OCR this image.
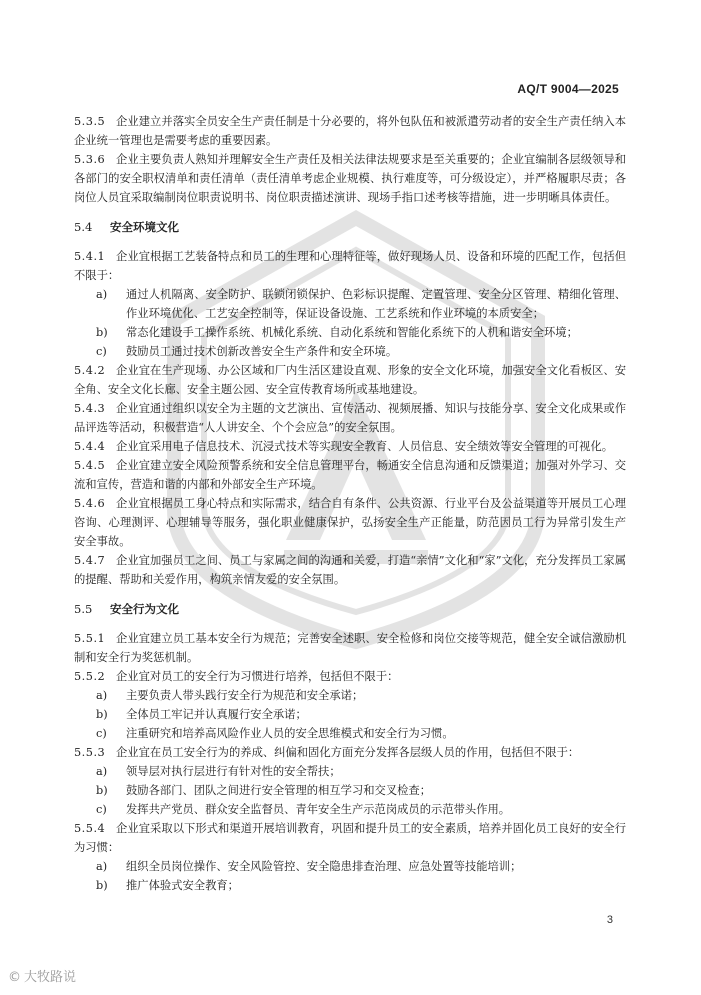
AQ/T 9004—2025

5.3.5 企业建立并落实全员安全生产责任制是十分必要的，将外包队伍和被派遣劳动者的安全生产责任纳入本企业统一管理也是需要考虑的重要因素。

5.3.6 企业主要负责人熟知并理解安全生产责任及相关法律法规要求是至关重要的；企业宜编制各层级领导和各部门的安全职权清单和责任清单（责任清单考虑企业规模、执行难度等，可分级设定），并严格履职尽责；各岗位人员宜采取编制岗位职责说明书、岗位职责描述演讲、现场手指口述考核等措施，进一步明晰具体责任。

5.4 安全环境文化

5.4.1 企业宜根据工艺装备特点和员工的生理和心理特征等，做好现场人员、设备和环境的匹配工作，包括但不限于：

a) 通过人机隔离、安全防护、联锁闭锁保护、色彩标识提醒、定置管理、安全分区管理、精细化管理、作业环境优化、工艺安全控制等，保证设备设施、工艺系统和作业环境的本质安全；

b) 常态化建设手工操作系统、机械化系统、自动化系统和智能化系统下的人机和谐安全环境；

c) 鼓励员工通过技术创新改善安全生产条件和安全环境。

5.4.2 企业宜在生产现场、办公区域和厂内生活区建设直观、形象的安全文化环境，加强安全文化看板区、安全角、安全文化长廊、安全主题公园、安全宣传教育场所或基地建设。

5.4.3 企业宜通过组织以安全为主题的文艺演出、宣传活动、视频展播、知识与技能分享、安全文化成果或作品评选等活动，积极营造“人人讲安全、个个会应急”的安全氛围。

5.4.4 企业宜采用电子信息技术、沉浸式技术等实现安全教育、人员信息、安全绩效等安全管理的可视化。

5.4.5 企业宜建立安全风险预警系统和安全信息管理平台，畅通安全信息沟通和反馈渠道；加强对外学习、交流和宣传，营造和谐的内部和外部安全生产环境。

5.4.6 企业宜根据员工身心特点和实际需求，结合自有条件、公共资源、行业平台及公益渠道等开展员工心理咨询、心理测评、心理辅导等服务，强化职业健康保护，弘扬安全生产正能量，防范因员工行为异常引发生产安全事故。

5.4.7 企业宜加强员工之间、员工与家属之间的沟通和关爱，打造“亲情”文化和“家”文化，充分发挥员工家属的提醒、帮助和关爱作用，构筑亲情友爱的安全氛围。

5.5 安全行为文化

5.5.1 企业宜建立员工基本安全行为规范；完善安全述职、安全检修和岗位交接等规范，健全安全诚信激励机制和安全行为奖惩机制。

5.5.2 企业宜对员工的安全行为习惯进行培养，包括但不限于：

a) 主要负责人带头践行安全行为规范和安全承诺；

b) 全体员工牢记并认真履行安全承诺；

c) 注重研究和培养高风险作业人员的安全思维模式和安全行为习惯。

5.5.3 企业宜在员工安全行为的养成、纠偏和固化方面充分发挥各层级人员的作用，包括但不限于：

a) 领导层对执行层进行有针对性的安全帮扶；

b) 鼓励各部门、团队之间进行安全管理的相互学习和交叉检查；

c) 发挥共产党员、群众安全监督员、青年安全生产示范岗成员的示范带头作用。

5.5.4 企业宜采取以下形式和渠道开展培训教育，巩固和提升员工的安全素质，培养并固化员工良好的安全行为习惯：

a) 组织全员岗位操作、安全风险管控、安全隐患排查治理、应急处置等技能培训；

b) 推广体验式安全教育；

3
© 大牧路说
